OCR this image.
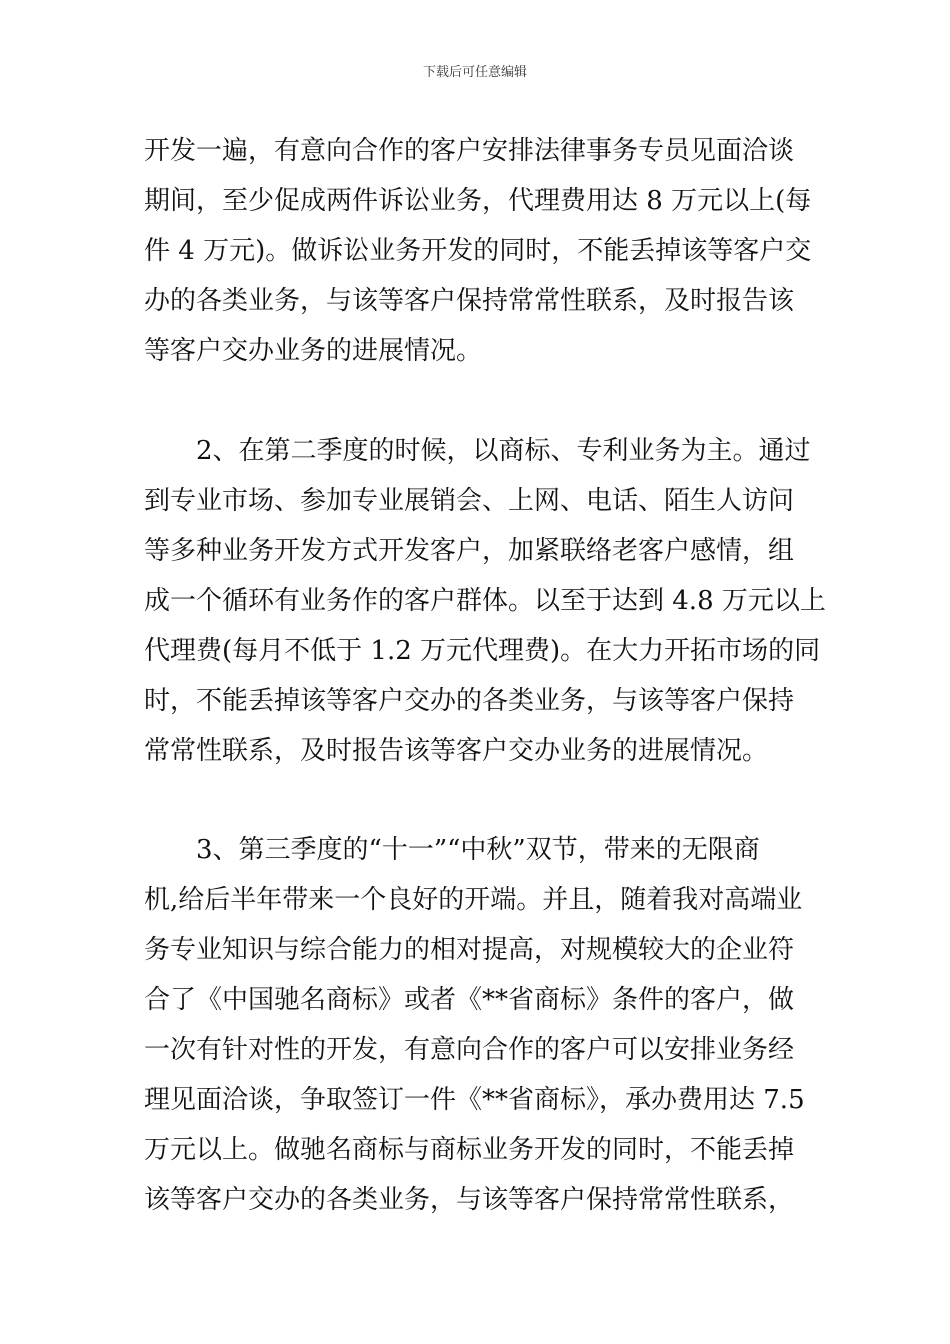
下载后可任意编辑
开发一遍，有意向合作的客户安排法律事务专员见面洽谈
期间，至少促成两件诉讼业务，代理费用达 8 万元以上(每
件 4 万元)。做诉讼业务开发的同时，不能丢掉该等客户交
办的各类业务，与该等客户保持常常性联系，及时报告该
等客户交办业务的进展情况。
2、在第二季度的时候，以商标、专利业务为主。通过
到专业市场、参加专业展销会、上网、电话、陌生人访问
等多种业务开发方式开发客户，加紧联络老客户感情，组
成一个循环有业务作的客户群体。以至于达到 4.8 万元以上
代理费(每月不低于 1.2 万元代理费)。在大力开拓市场的同
时，不能丢掉该等客户交办的各类业务，与该等客户保持
常常性联系，及时报告该等客户交办业务的进展情况。
3、第三季度的“十一”“中秋”双节，带来的无限商
机,给后半年带来一个良好的开端。并且，随着我对高端业
务专业知识与综合能力的相对提高，对规模较大的企业符
合了《中国驰名商标》或者《**省商标》条件的客户，做
一次有针对性的开发，有意向合作的客户可以安排业务经
理见面洽谈，争取签订一件《**省商标》，承办费用达 7.5
万元以上。做驰名商标与商标业务开发的同时，不能丢掉
该等客户交办的各类业务，与该等客户保持常常性联系，
